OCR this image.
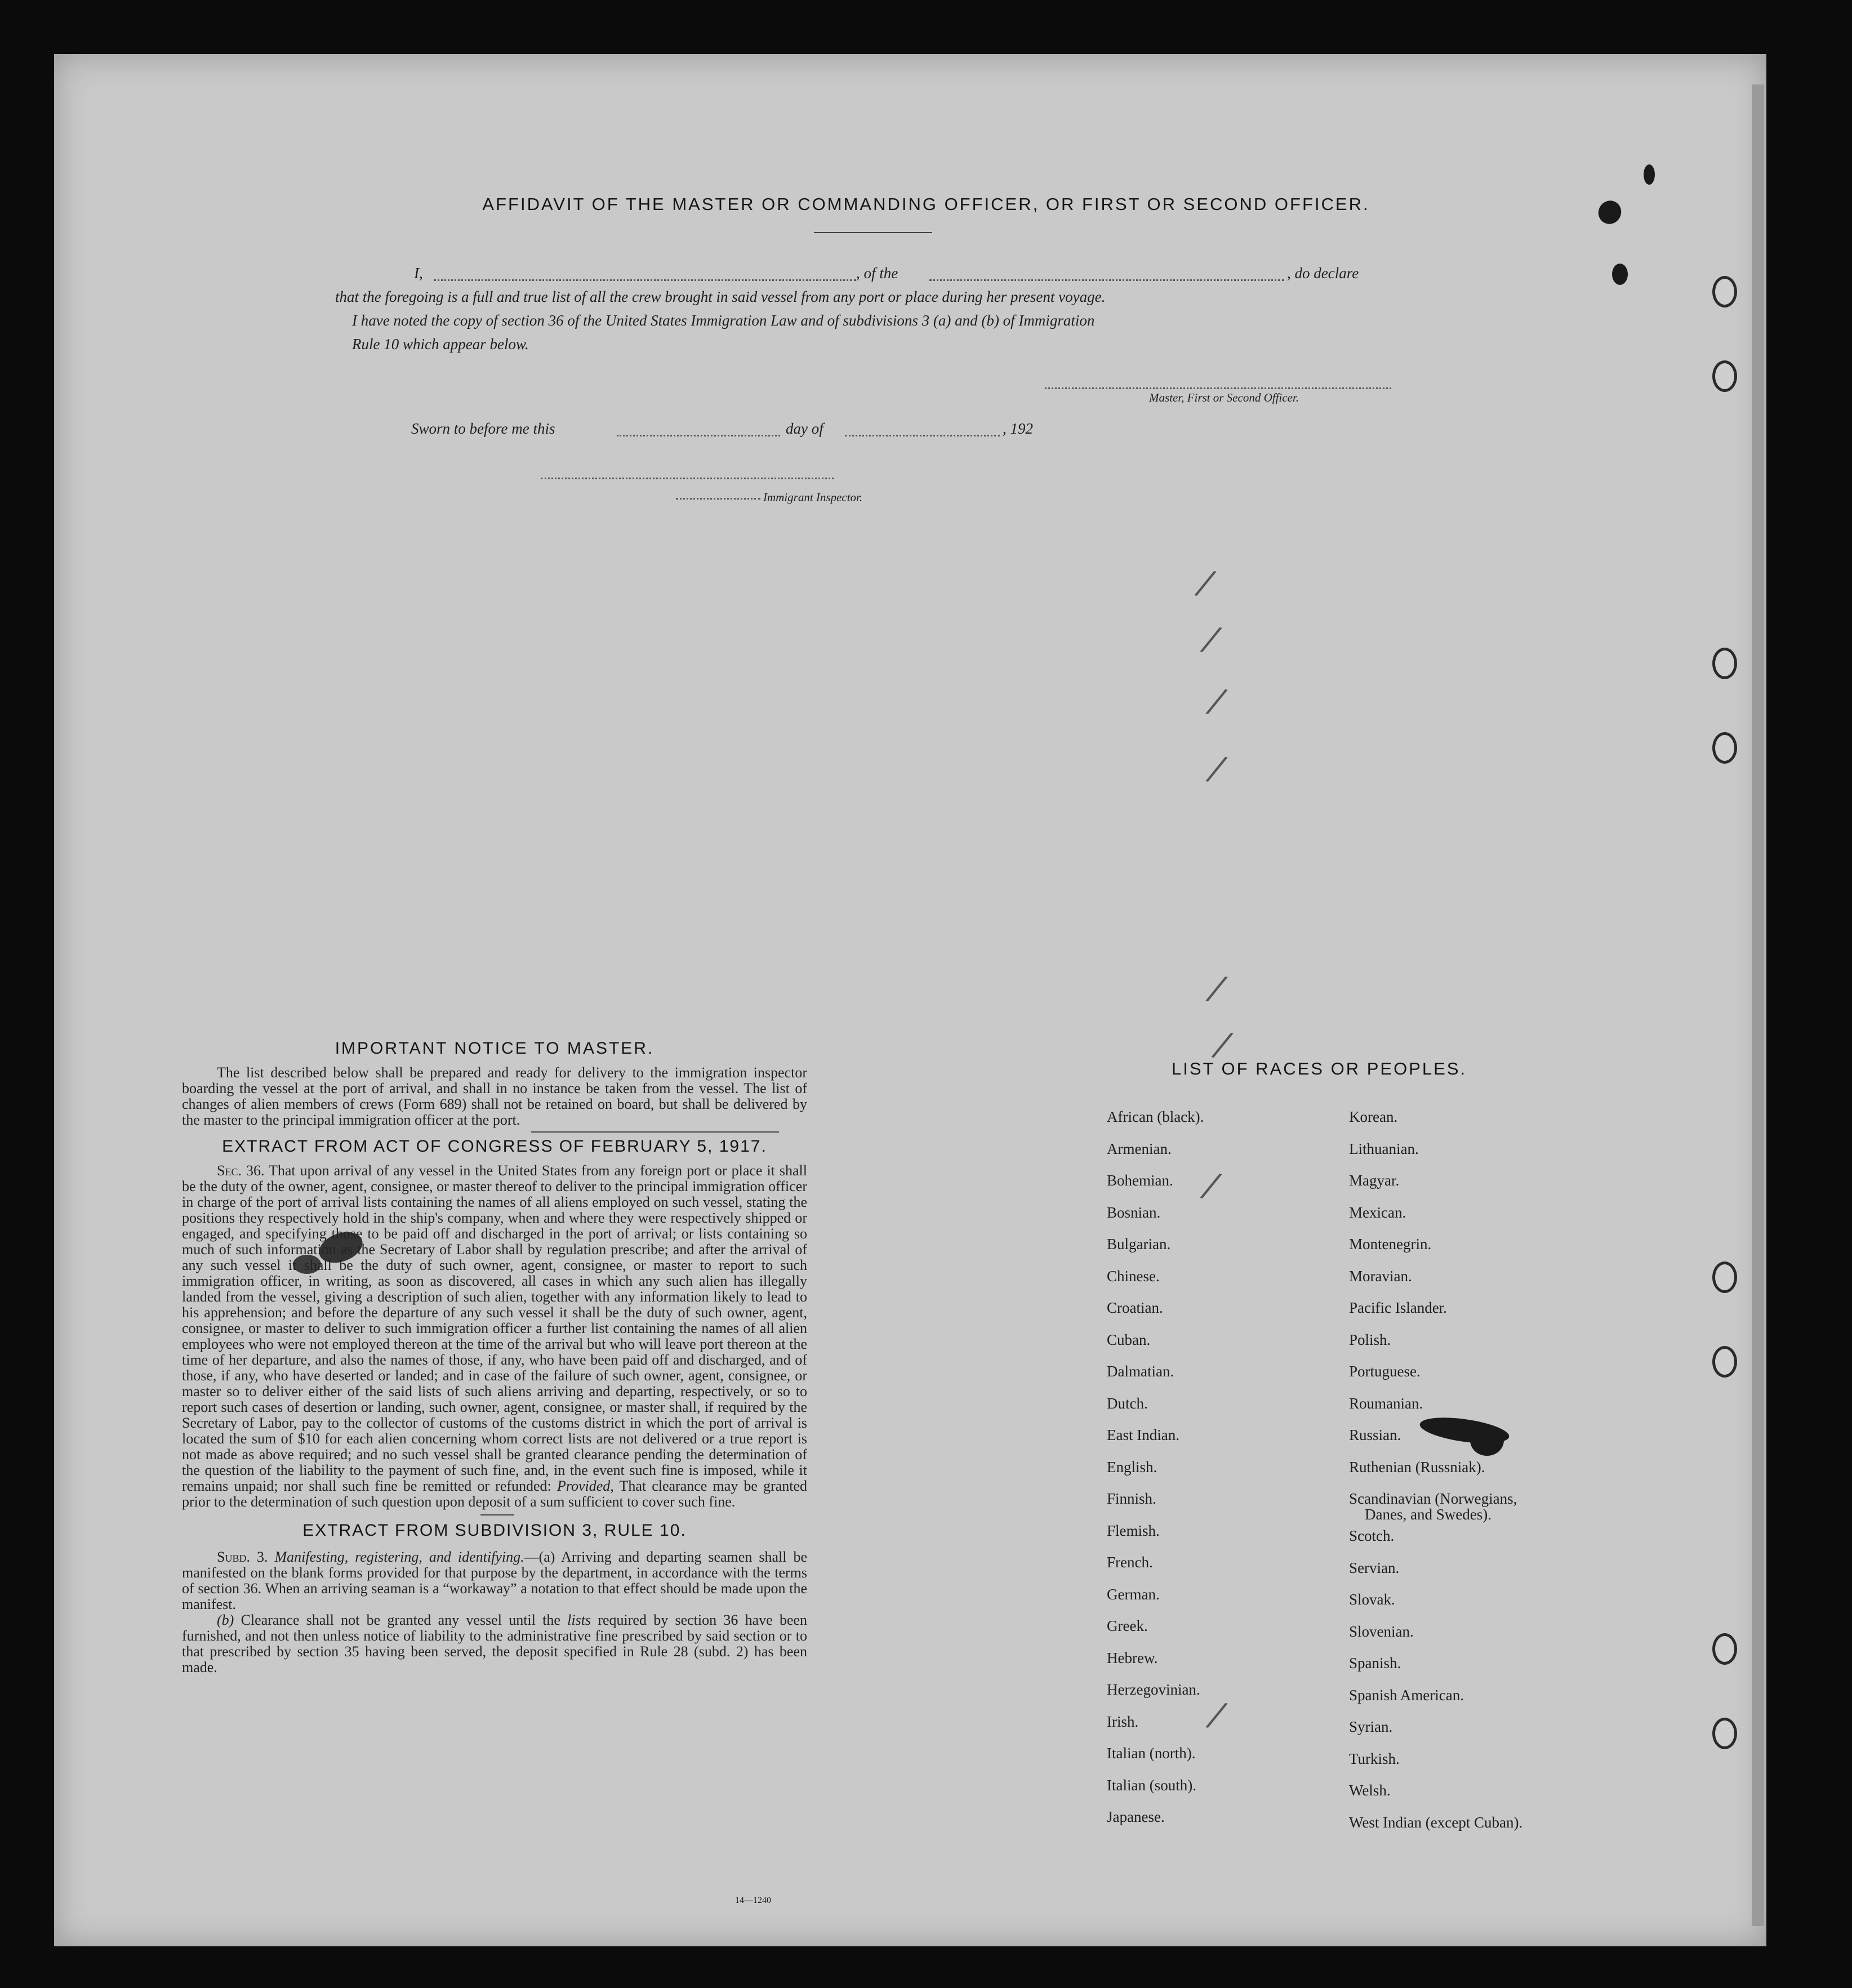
/
/
/
/
/
/
/
/
AFFIDAVIT OF THE MASTER OR COMMANDING OFFICER, OR FIRST OR SECOND OFFICER.
I,	, of the	, do declare
that the foregoing is a full and true list of all the crew brought in said vessel from any port or place during her present voyage.
I have noted the copy of section 36 of the United States Immigration Law and of subdivisions 3 (a) and (b) of Immigration
Rule 10 which appear below.
Master, First or Second Officer.
Sworn to before me this	day of	, 192
Immigrant Inspector.
IMPORTANT NOTICE TO MASTER.

The list described below shall be prepared and ready for delivery to the immigration inspector boarding the vessel at the port of arrival, and shall in no instance be taken from the vessel. The list of changes of alien members of crews (Form 689) shall not be retained on board, but shall be delivered by the master to the principal immigration officer at the port.

EXTRACT FROM ACT OF CONGRESS OF FEBRUARY 5, 1917.

Sec. 36. That upon arrival of any vessel in the United States from any foreign port or place it shall be the duty of the owner, agent, consignee, or master thereof to deliver to the principal immigration officer in charge of the port of arrival lists containing the names of all aliens employed on such vessel, stating the positions they respectively hold in the ship's company, when and where they were respectively shipped or engaged, and specifying those to be paid off and discharged in the port of arrival; or lists containing so much of such information as the Secretary of Labor shall by regulation prescribe; and after the arrival of any such vessel it shall be the duty of such owner, agent, consignee, or master to report to such immigration officer, in writing, as soon as discovered, all cases in which any such alien has illegally landed from the vessel, giving a description of such alien, together with any information likely to lead to his apprehension; and before the departure of any such vessel it shall be the duty of such owner, agent, consignee, or master to deliver to such immigration officer a further list containing the names of all alien employees who were not employed thereon at the time of the arrival but who will leave port thereon at the time of her departure, and also the names of those, if any, who have been paid off and discharged, and of those, if any, who have deserted or landed; and in case of the failure of such owner, agent, consignee, or master so to deliver either of the said lists of such aliens arriving and departing, respectively, or so to report such cases of desertion or landing, such owner, agent, consignee, or master shall, if required by the Secretary of Labor, pay to the collector of customs of the customs district in which the port of arrival is located the sum of $10 for each alien concerning whom correct lists are not delivered or a true report is not made as above required; and no such vessel shall be granted clearance pending the determination of the question of the liability to the payment of such fine, and, in the event such fine is imposed, while it remains unpaid; nor shall such fine be remitted or refunded: Provided, That clearance may be granted prior to the determination of such question upon deposit of a sum sufficient to cover such fine.

EXTRACT FROM SUBDIVISION 3, RULE 10.

Subd. 3. Manifesting, registering, and identifying.—(a) Arriving and departing seamen shall be manifested on the blank forms provided for that purpose by the department, in accordance with the terms of section 36. When an arriving seaman is a “workaway” a notation to that effect should be made upon the manifest.

(b) Clearance shall not be granted any vessel until the lists required by section 36 have been furnished, and not then unless notice of liability to the administrative fine prescribed by said section or to that prescribed by section 35 having been served, the deposit specified in Rule 28 (subd. 2) has been made.

14—1240
LIST OF RACES OR PEOPLES.
African (black).
Armenian.
Bohemian.
Bosnian.
Bulgarian.
Chinese.
Croatian.
Cuban.
Dalmatian.
Dutch.
East Indian.
English.
Finnish.
Flemish.
French.
German.
Greek.
Hebrew.
Herzegovinian.
Irish.
Italian (north).
Italian (south).
Japanese.
Korean.
Lithuanian.
Magyar.
Mexican.
Montenegrin.
Moravian.
Pacific Islander.
Polish.
Portuguese.
Roumanian.
Russian.
Ruthenian (Russniak).
Scandinavian (Norwegians,
Danes, and Swedes).
Scotch.
Servian.
Slovak.
Slovenian.
Spanish.
Spanish American.
Syrian.
Turkish.
Welsh.
West Indian (except Cuban).
